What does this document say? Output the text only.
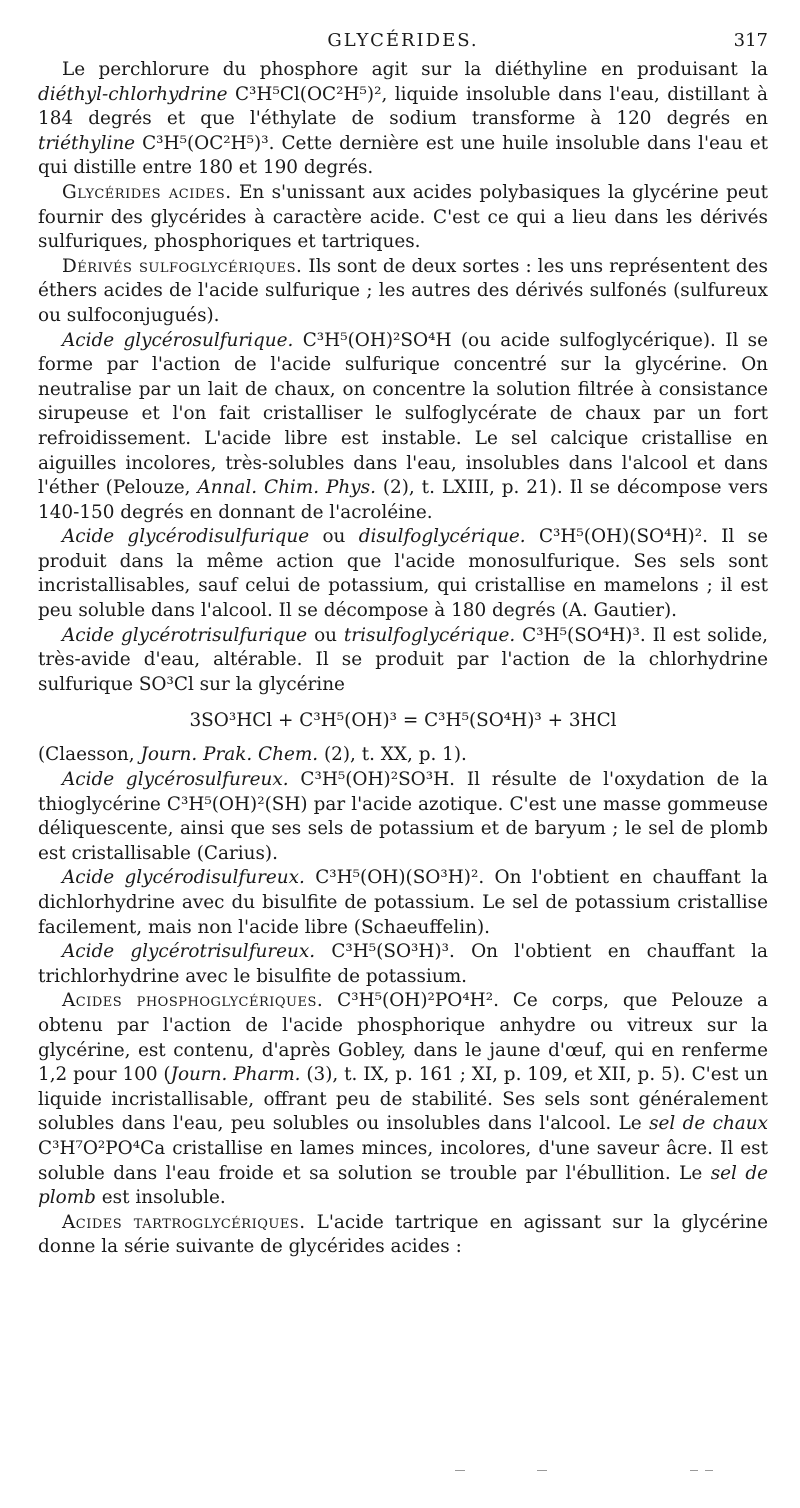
GLYCÉRIDES.	317

Le perchlorure du phosphore agit sur la diéthyline en produisant la diéthyl-chlorhydrine C³H⁵Cl(OC²H⁵)², liquide insoluble dans l'eau, distillant à 184 degrés et que l'éthylate de sodium transforme à 120 degrés en triéthyline C³H⁵(OC²H⁵)³. Cette dernière est une huile insoluble dans l'eau et qui distille entre 180 et 190 degrés.

Glycérides acides. En s'unissant aux acides polybasiques la glycérine peut fournir des glycérides à caractère acide. C'est ce qui a lieu dans les dérivés sulfuriques, phosphoriques et tartriques.

Dérivés sulfoglycériques. Ils sont de deux sortes : les uns représentent des éthers acides de l'acide sulfurique ; les autres des dérivés sulfonés (sulfureux ou sulfoconjugués).

Acide glycérosulfurique. C³H⁵(OH)²SO⁴H (ou acide sulfoglycérique). Il se forme par l'action de l'acide sulfurique concentré sur la glycérine. On neutralise par un lait de chaux, on concentre la solution filtrée à consistance sirupeuse et l'on fait cristalliser le sulfoglycérate de chaux par un fort refroidissement. L'acide libre est instable. Le sel calcique cristallise en aiguilles incolores, très-solubles dans l'eau, insolubles dans l'alcool et dans l'éther (Pelouze, Annal. Chim. Phys. (2), t. LXIII, p. 21). Il se décompose vers 140-150 degrés en donnant de l'acroléine.

Acide glycérodisulfurique ou disulfoglycérique. C³H⁵(OH)(SO⁴H)². Il se produit dans la même action que l'acide monosulfurique. Ses sels sont incristallisables, sauf celui de potassium, qui cristallise en mamelons ; il est peu soluble dans l'alcool. Il se décompose à 180 degrés (A. Gautier).

Acide glycérotrisulfurique ou trisulfoglycérique. C³H⁵(SO⁴H)³. Il est solide, très-avide d'eau, altérable. Il se produit par l'action de la chlorhydrine sulfurique SO³Cl sur la glycérine

3SO³HCl + C³H⁵(OH)³ = C³H⁵(SO⁴H)³ + 3HCl

(Claesson, Journ. Prak. Chem. (2), t. XX, p. 1).

Acide glycérosulfureux. C³H⁵(OH)²SO³H. Il résulte de l'oxydation de la thioglycérine C³H⁵(OH)²(SH) par l'acide azotique. C'est une masse gommeuse déliquescente, ainsi que ses sels de potassium et de baryum ; le sel de plomb est cristallisable (Carius).

Acide glycérodisulfureux. C³H⁵(OH)(SO³H)². On l'obtient en chauffant la dichlorhydrine avec du bisulfite de potassium. Le sel de potassium cristallise facilement, mais non l'acide libre (Schaeuffelin).

Acide glycérotrisulfureux. C³H⁵(SO³H)³. On l'obtient en chauffant la trichlorhydrine avec le bisulfite de potassium.

Acides phosphoglycériques. C³H⁵(OH)²PO⁴H². Ce corps, que Pelouze a obtenu par l'action de l'acide phosphorique anhydre ou vitreux sur la glycérine, est contenu, d'après Gobley, dans le jaune d'œuf, qui en renferme 1,2 pour 100 (Journ. Pharm. (3), t. IX, p. 161 ; XI, p. 109, et XII, p. 5). C'est un liquide incristallisable, offrant peu de stabilité. Ses sels sont généralement solubles dans l'eau, peu solubles ou insolubles dans l'alcool. Le sel de chaux C³H⁷O²PO⁴Ca cristallise en lames minces, incolores, d'une saveur âcre. Il est soluble dans l'eau froide et sa solution se trouble par l'ébullition. Le sel de plomb est insoluble.

Acides tartroglycériques. L'acide tartrique en agissant sur la glycérine donne la série suivante de glycérides acides :
